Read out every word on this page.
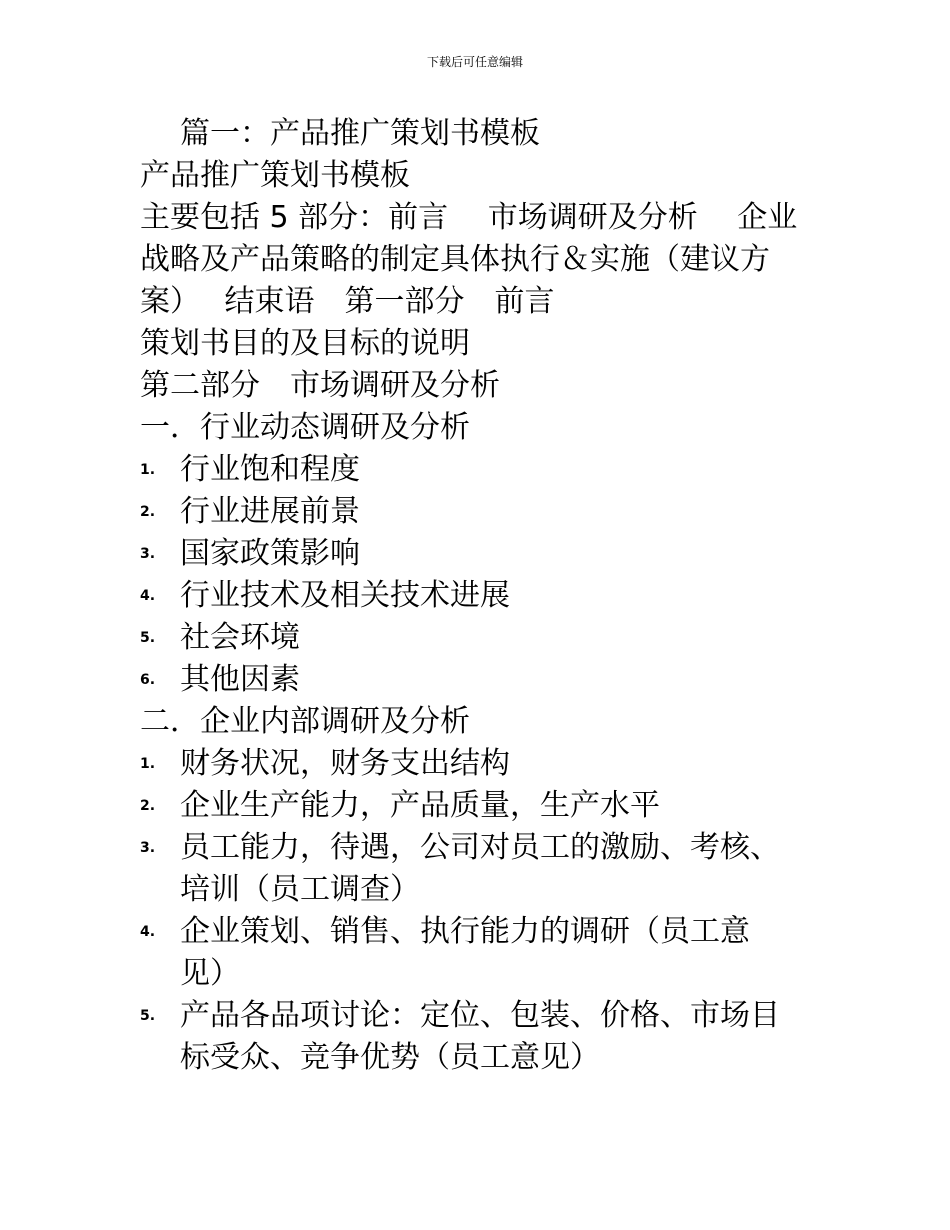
下载后可任意编辑
篇一：产品推广策划书模板
产品推广策划书模板
主要包括 5 部分：前言　 市场调研及分析　 企业
战略及产品策略的制定具体执行＆实施（建议方
案）　 结束语　第一部分　前言
策划书目的及目标的说明
第二部分　市场调研及分析
一．行业动态调研及分析
1. 行业饱和程度
2. 行业进展前景
3. 国家政策影响
4. 行业技术及相关技术进展
5. 社会环境
6. 其他因素
二．企业内部调研及分析
1. 财务状况，财务支出结构
2. 企业生产能力，产品质量，生产水平
3. 员工能力，待遇，公司对员工的激励、考核、
培训（员工调查）
4. 企业策划、销售、执行能力的调研（员工意
见）
5. 产品各品项讨论：定位、包装、价格、市场目
标受众、竞争优势（员工意见）
